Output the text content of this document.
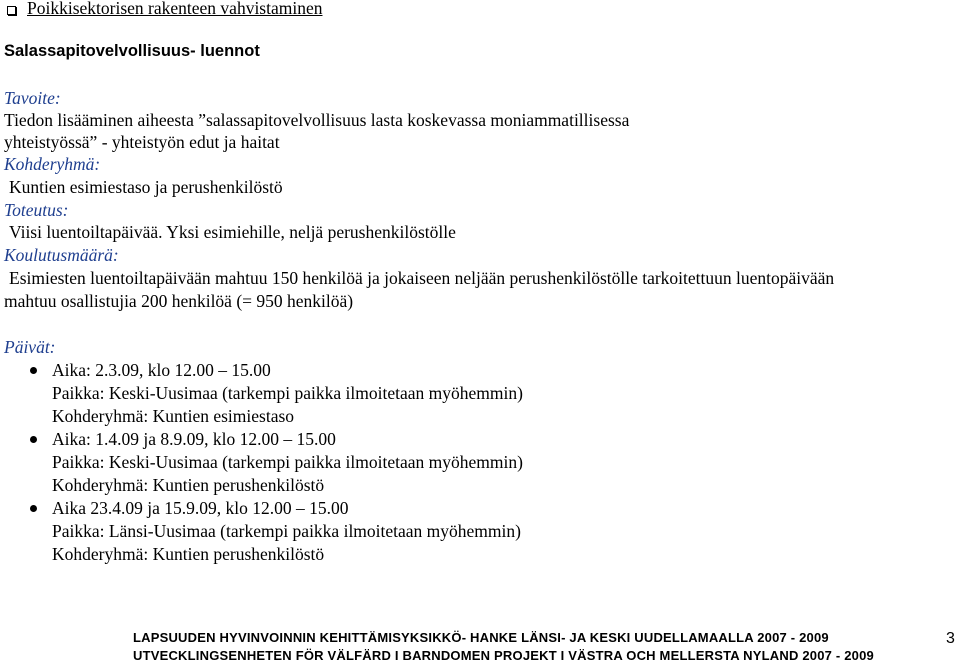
Poikkisektorisen rakenteen vahvistaminen
Salassapitovelvollisuus- luennot
Tavoite:
Tiedon lisääminen aiheesta ”salassapitovelvollisuus lasta koskevassa moniammatillisessa
yhteistyössä” - yhteistyön edut ja haitat
Kohderyhmä:
Kuntien esimiestaso ja perushenkilöstö
Toteutus:
Viisi luentoiltapäivää. Yksi esimiehille, neljä perushenkilöstölle
Koulutusmäärä:
Esimiesten luentoiltapäivään mahtuu 150 henkilöä ja jokaiseen neljään perushenkilöstölle tarkoitettuun luentopäivään
mahtuu osallistujia 200 henkilöä (= 950 henkilöä)
Päivät:
Aika: 2.3.09, klo 12.00 – 15.00
Paikka: Keski-Uusimaa (tarkempi paikka ilmoitetaan myöhemmin)
Kohderyhmä: Kuntien esimiestaso
Aika: 1.4.09 ja 8.9.09, klo 12.00 – 15.00
Paikka: Keski-Uusimaa (tarkempi paikka ilmoitetaan myöhemmin)
Kohderyhmä: Kuntien perushenkilöstö
Aika 23.4.09 ja 15.9.09, klo 12.00 – 15.00
Paikka: Länsi-Uusimaa (tarkempi paikka ilmoitetaan myöhemmin)
Kohderyhmä: Kuntien perushenkilöstö
LAPSUUDEN HYVINVOINNIN KEHITTÄMISYKSIKKÖ- HANKE LÄNSI- JA KESKI UUDELLAMAALLA 2007 - 2009
UTVECKLINGSENHETEN FÖR VÄLFÄRD I BARNDOMEN PROJEKT I VÄSTRA OCH MELLERSTA NYLAND 2007 - 2009
3
